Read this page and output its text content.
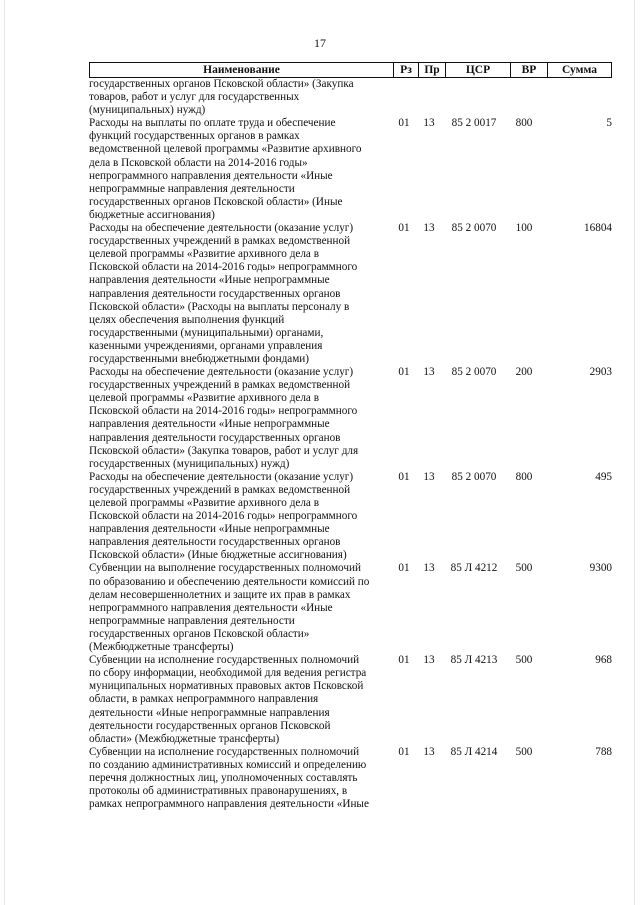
17
Наименование	Рз	Пр	ЦСР	ВР	Сумма
государственных органов Псковской области» (Закупка
товаров, работ и услуг для государственных
(муниципальных) нужд)
Расходы на выплаты по оплате труда и обеспечение
функций государственных органов в рамках
ведомственной целевой программы «Развитие архивного
дела в Псковской области на 2014-2016 годы»
непрограммного направления деятельности «Иные
непрограммные направления деятельности
государственных органов Псковской области» (Иные
бюджетные ассигнования)
01	13	85 2 0017	800	5
Расходы на обеспечение деятельности (оказание услуг)
государственных учреждений в рамках ведомственной
целевой программы «Развитие архивного дела в
Псковской области на 2014-2016 годы» непрограммного
направления деятельности «Иные непрограммные
направления деятельности государственных органов
Псковской области» (Расходы на выплаты персоналу в
целях обеспечения выполнения функций
государственными (муниципальными) органами,
казенными учреждениями, органами управления
государственными внебюджетными фондами)
01	13	85 2 0070	100	16804
Расходы на обеспечение деятельности (оказание услуг)
государственных учреждений в рамках ведомственной
целевой программы «Развитие архивного дела в
Псковской области на 2014-2016 годы» непрограммного
направления деятельности «Иные непрограммные
направления деятельности государственных органов
Псковской области» (Закупка товаров, работ и услуг для
государственных (муниципальных) нужд)
01	13	85 2 0070	200	2903
Расходы на обеспечение деятельности (оказание услуг)
государственных учреждений в рамках ведомственной
целевой программы «Развитие архивного дела в
Псковской области на 2014-2016 годы» непрограммного
направления деятельности «Иные непрограммные
направления деятельности государственных органов
Псковской области» (Иные бюджетные ассигнования)
01	13	85 2 0070	800	495
Субвенции на выполнение государственных полномочий
по образованию и обеспечению деятельности комиссий по
делам несовершеннолетних и защите их прав в рамках
непрограммного направления деятельности «Иные
непрограммные направления деятельности
государственных органов Псковской области»
(Межбюджетные трансферты)
01	13	85 Л 4212	500	9300
Субвенции на исполнение государственных полномочий
по сбору информации, необходимой для ведения регистра
муниципальных нормативных правовых актов Псковской
области, в рамках непрограммного направления
деятельности «Иные непрограммные направления
деятельности государственных органов Псковской
области» (Межбюджетные трансферты)
01	13	85 Л 4213	500	968
Субвенции на исполнение государственных полномочий
по созданию административных комиссий и определению
перечня должностных лиц, уполномоченных составлять
протоколы об административных правонарушениях, в
рамках непрограммного направления деятельности «Иные
01	13	85 Л 4214	500	788
